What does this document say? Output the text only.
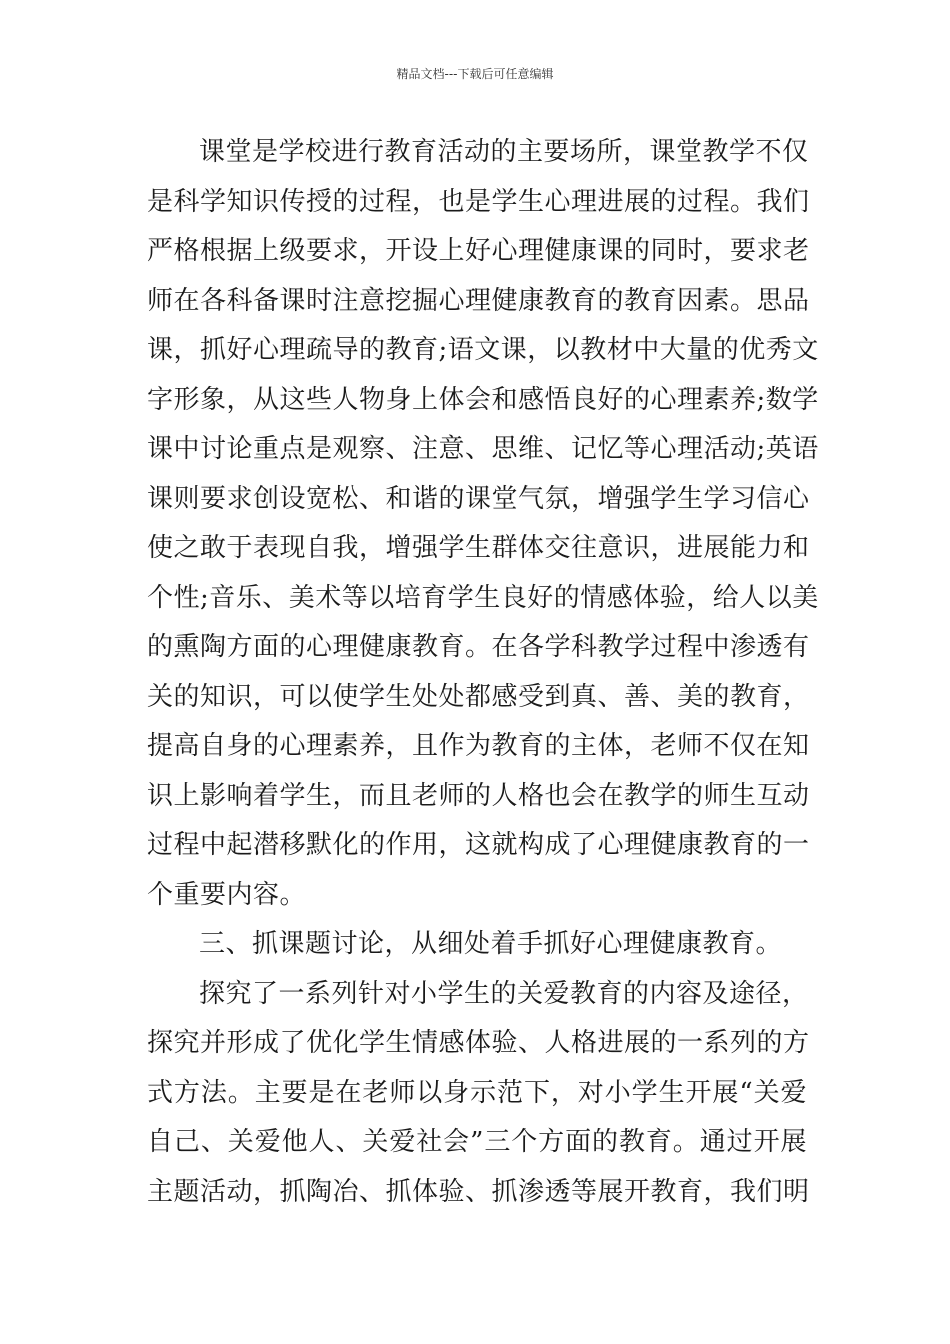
精品文档---下载后可任意编辑
课堂是学校进行教育活动的主要场所，课堂教学不仅
是科学知识传授的过程，也是学生心理进展的过程。我们
严格根据上级要求，开设上好心理健康课的同时，要求老
师在各科备课时注意挖掘心理健康教育的教育因素。思品
课，抓好心理疏导的教育;语文课，以教材中大量的优秀文
字形象，从这些人物身上体会和感悟良好的心理素养;数学
课中讨论重点是观察、注意、思维、记忆等心理活动;英语
课则要求创设宽松、和谐的课堂气氛，增强学生学习信心
使之敢于表现自我，增强学生群体交往意识，进展能力和
个性;音乐、美术等以培育学生良好的情感体验，给人以美
的熏陶方面的心理健康教育。在各学科教学过程中渗透有
关的知识，可以使学生处处都感受到真、善、美的教育，
提高自身的心理素养，且作为教育的主体，老师不仅在知
识上影响着学生，而且老师的人格也会在教学的师生互动
过程中起潜移默化的作用，这就构成了心理健康教育的一
个重要内容。
三、抓课题讨论，从细处着手抓好心理健康教育。
探究了一系列针对小学生的关爱教育的内容及途径，
探究并形成了优化学生情感体验、人格进展的一系列的方
式方法。主要是在老师以身示范下，对小学生开展“关爱
自己、关爱他人、关爱社会”三个方面的教育。通过开展
主题活动，抓陶冶、抓体验、抓渗透等展开教育，我们明
